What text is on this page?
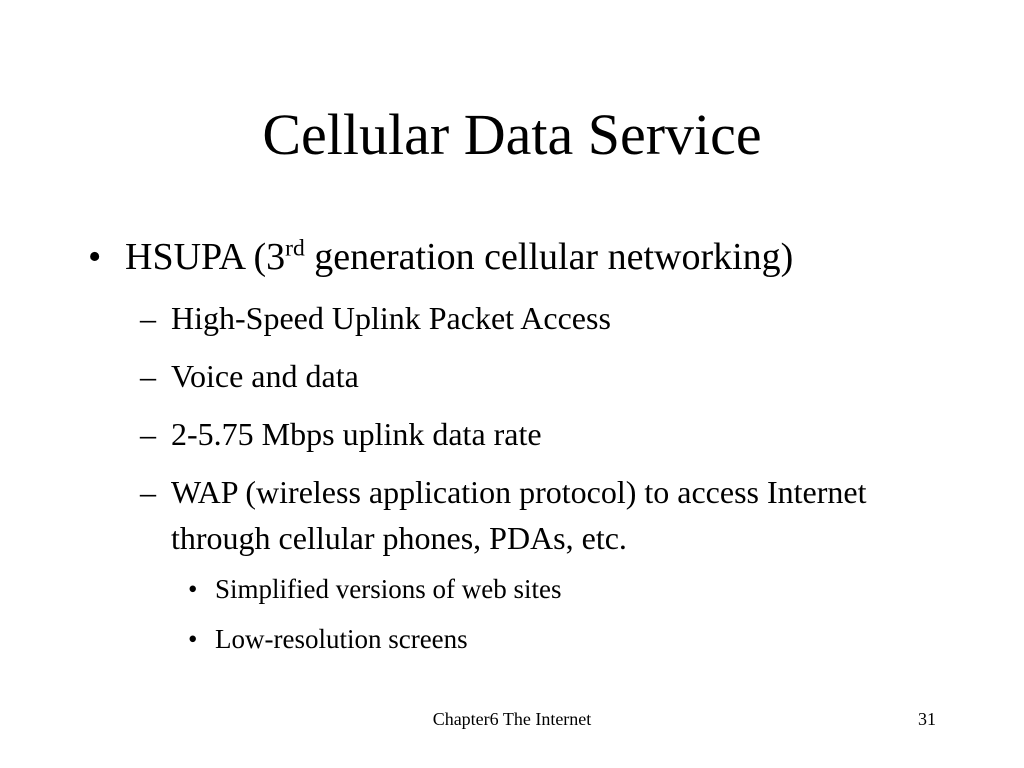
Cellular Data Service
• HSUPA (3rd generation cellular networking)
– High-Speed Uplink Packet Access
– Voice and data
– 2-5.75 Mbps uplink data rate
– WAP (wireless application protocol) to access Internet through cellular phones, PDAs, etc.
• Simplified versions of web sites
• Low-resolution screens
Chapter6 The Internet	31
